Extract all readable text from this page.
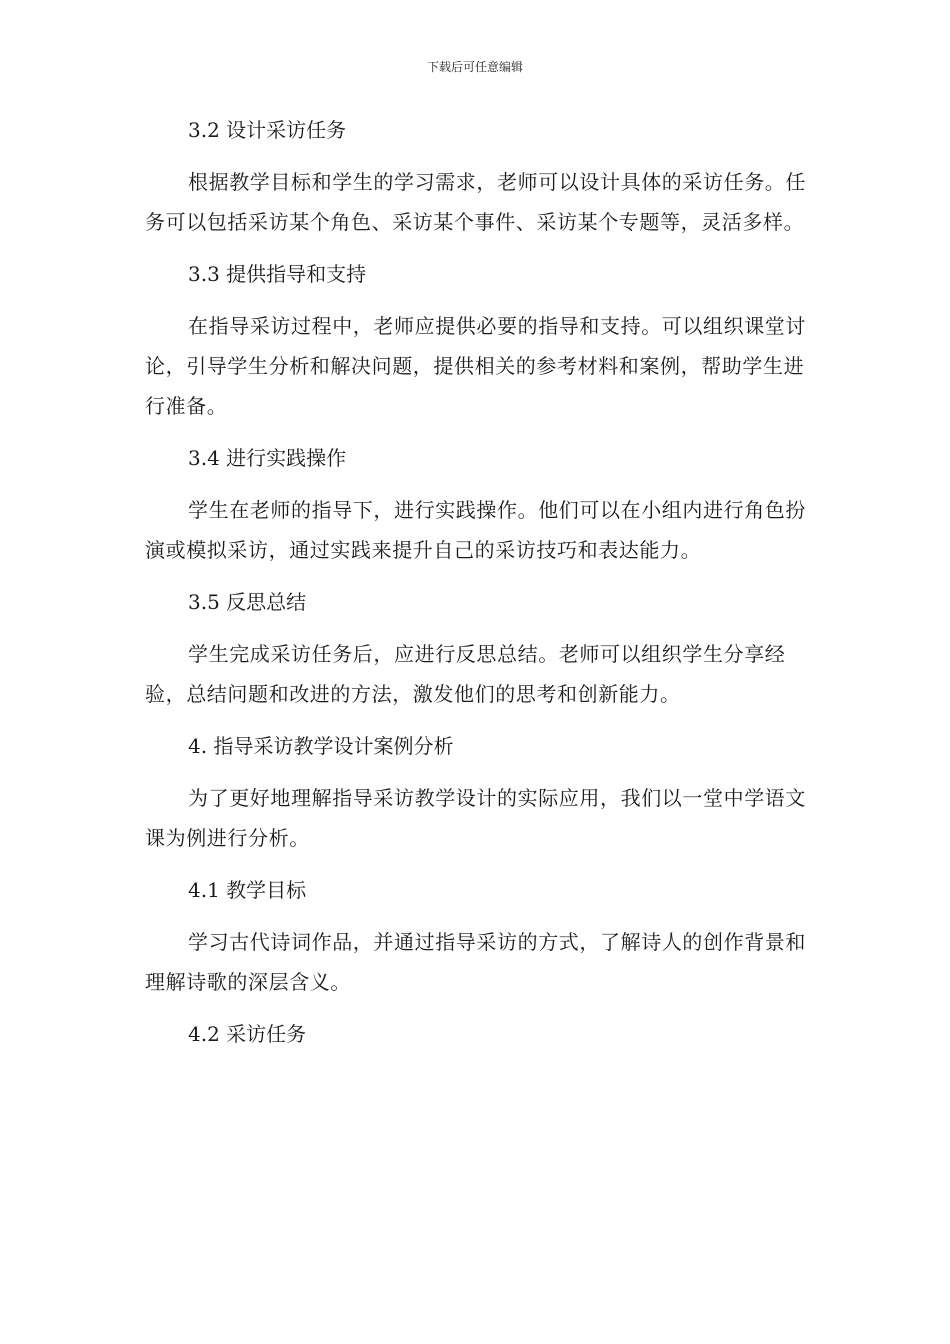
下载后可任意编辑
3.2 设计采访任务
根据教学目标和学生的学习需求，老师可以设计具体的采访任务。任务可以包括采访某个角色、采访某个事件、采访某个专题等，灵活多样。
3.3 提供指导和支持
在指导采访过程中，老师应提供必要的指导和支持。可以组织课堂讨论，引导学生分析和解决问题，提供相关的参考材料和案例，帮助学生进行准备。
3.4 进行实践操作
学生在老师的指导下，进行实践操作。他们可以在小组内进行角色扮演或模拟采访，通过实践来提升自己的采访技巧和表达能力。
3.5 反思总结
学生完成采访任务后，应进行反思总结。老师可以组织学生分享经验，总结问题和改进的方法，激发他们的思考和创新能力。
4. 指导采访教学设计案例分析
为了更好地理解指导采访教学设计的实际应用，我们以一堂中学语文课为例进行分析。
4.1 教学目标
学习古代诗词作品，并通过指导采访的方式，了解诗人的创作背景和理解诗歌的深层含义。
4.2 采访任务
